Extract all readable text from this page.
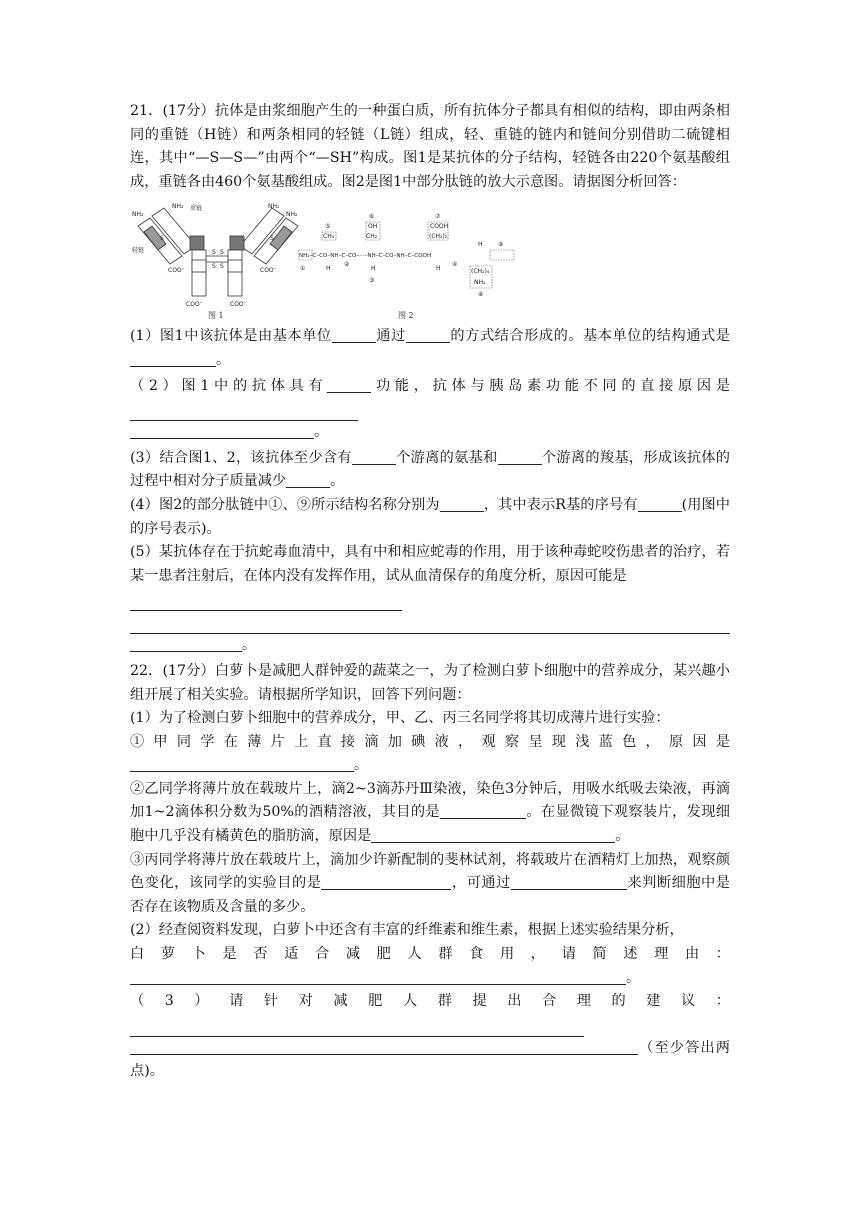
21．(17分）抗体是由浆细胞产生的一种蛋白质，所有抗体分子都具有相似的结构，即由两条相同的重链（H链）和两条相同的轻链（L链）组成，轻、重链的链内和链间分别借助二硫键相连，其中“—S—S—”由两个“—SH”构成。图1是某抗体的分子结构，轻链各由220个氨基酸组成，重链各由460个氨基酸组成。图2是图1中部分肽链的放大示意图。请据图分析回答：

NH₂
NH₂	NH₂
NH₂
重链
轻链
COO⁻	COO⁻
COO⁻	COO⁻
S S
S S
S	S
图 1
CH₃
⑤	OH
CH₂
⑥
COOH
(CH₂)₂
⑦
NH₂–C–CO–NH–C–CO–···–NH–C–CO–NH–C–COOH
①
②
③
④
⑨
H	H	H
H
(CH₂)₄
NH₂
⑧
图 2

(1）图1中该抗体是由基本单位	通过	的方式结合形成的。基本单位的结构通式是。

（2）图1中的抗体具有	功能，抗体与胰岛素功能不同的直接原因是

。

(3）结合图1、2，该抗体至少含有	个游离的氨基和	个游离的羧基，形成该抗体的过程中相对分子质量减少	。

(4）图2的部分肽链中①、⑨所示结构名称分别为	，其中表示R基的序号有	(用图中的序号表示)。

(5）某抗体存在于抗蛇毒血清中，具有中和相应蛇毒的作用，用于该种毒蛇咬伤患者的治疗，若某一患者注射后，在体内没有发挥作用，试从血清保存的角度分析，原因可能是

。

22．(17分）白萝卜是减肥人群钟爱的蔬菜之一，为了检测白萝卜细胞中的营养成分，某兴趣小组开展了相关实验。请根据所学知识，回答下列问题：

(1）为了检测白萝卜细胞中的营养成分，甲、乙、丙三名同学将其切成薄片进行实验：

①甲同学在薄片上直接滴加碘液，观察呈现浅蓝色，原因是

。

②乙同学将薄片放在载玻片上，滴2~3滴苏丹Ⅲ染液，染色3分钟后，用吸水纸吸去染液，再滴加1~2滴体积分数为50%的酒精溶液，其目的是	。在显微镜下观察装片，发现细胞中几乎没有橘黄色的脂肪滴，原因是	。

③丙同学将薄片放在载玻片上，滴加少许新配制的斐林试剂，将载玻片在酒精灯上加热，观察颜色变化，该同学的实验目的是	，可通过	来判断细胞中是否存在该物质及含量的多少。

(2）经查阅资料发现，白萝卜中还含有丰富的纤维素和维生素，根据上述实验结果分析，

白萝卜是否适合减肥人群食用，请简述理由：

。

（3）请针对减肥人群提出合理的建议：

（至少答出两点)。
